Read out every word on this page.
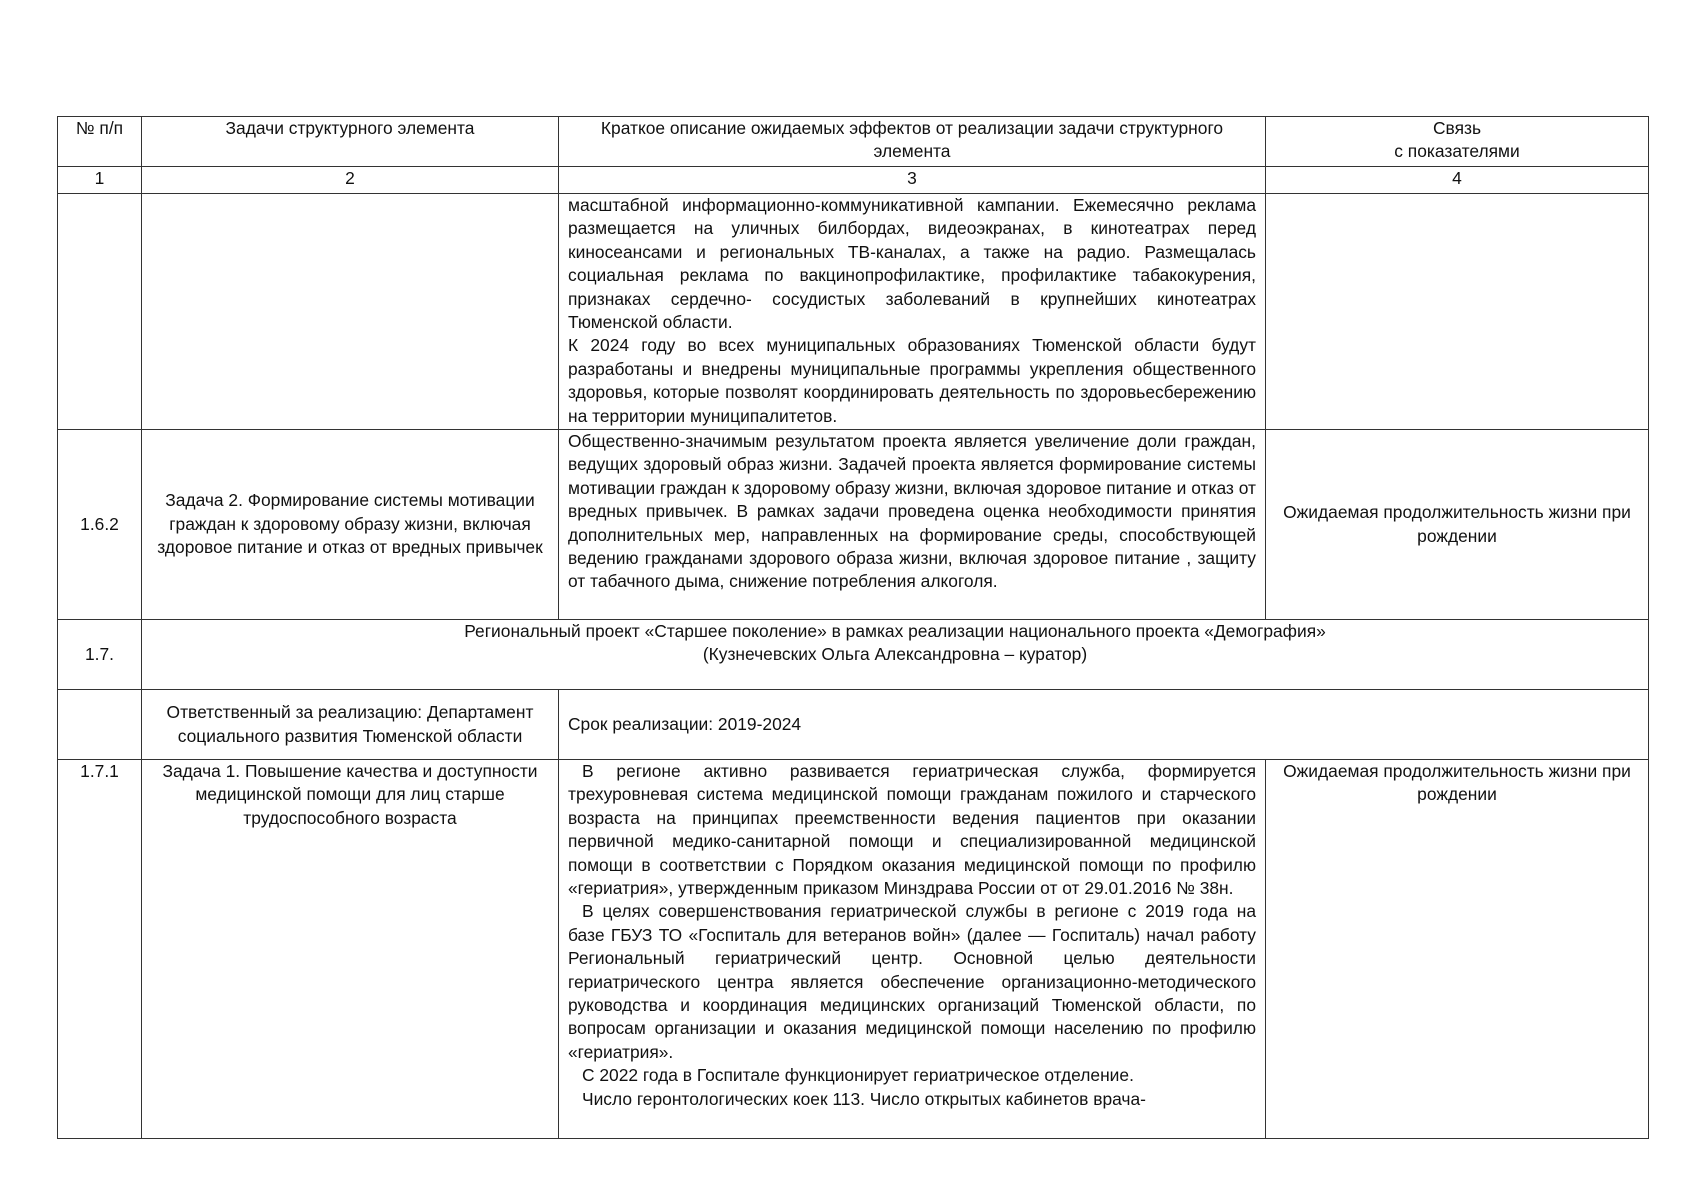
№ п/п	Задачи структурного элемента	Краткое описание ожидаемых эффектов от реализации задачи структурного элемента	Связь
с показателями
1	2	3	4

		масштабной информационно-коммуникативной кампании. Ежемесячно реклама размещается на уличных билбордах, видеоэкранах, в кинотеатрах перед киносеансами и региональных ТВ-каналах, а также на радио. Размещалась социальная реклама по вакцинопрофилактике, профилактике табакокурения, признаках сердечно- сосудистых заболеваний в крупнейших кинотеатрах Тюменской области.

К 2024 году во всех муниципальных образованиях Тюменской области будут разработаны и внедрены муниципальные программы укрепления общественного здоровья, которые позволят координировать деятельность по здоровьесбережению на территории муниципалитетов.	

1.6.2	Задача 2. Формирование системы мотивации граждан к здоровому образу жизни, включая здоровое питание и отказ от вредных привычек	Общественно-значимым результатом проекта является увеличение доли граждан, ведущих здоровый образ жизни. Задачей проекта является формирование системы мотивации граждан к здоровому образу жизни, включая здоровое питание и отказ от вредных привычек. В рамках задачи проведена оценка необходимости принятия дополнительных мер, направленных на формирование среды, способствующей ведению гражданами здорового образа жизни, включая здоровое питание , защиту от табачного дыма, снижение потребления алкоголя.	Ожидаемая продолжительность жизни при рождении
1.7.	Региональный проект «Старшее поколение» в рамках реализации национального проекта «Демография»
(Кузнечевских Ольга Александровна – куратор)		

	Ответственный за реализацию: Департамент социального развития Тюменской области	Срок реализации: 2019-2024	
1.7.1	Задача 1. Повышение качества и доступности медицинской помощи для лиц старше трудоспособного возраста	В регионе активно развивается гериатрическая служба, формируется трехуровневая система медицинской помощи гражданам пожилого и старческого возраста на принципах преемственности ведения пациентов при оказании первичной медико-санитарной помощи и специализированной медицинской помощи в соответствии с Порядком оказания медицинской помощи по профилю «гериатрия», утвержденным приказом Минздрава России от от 29.01.2016 № 38н.

В целях совершенствования гериатрической службы в регионе с 2019 года на базе ГБУЗ ТО «Госпиталь для ветеранов войн» (далее — Госпиталь) начал работу Региональный гериатрический центр. Основной целью деятельности гериатрического центра является обеспечение организационно-методического руководства и координация медицинских организаций Тюменской области, по вопросам организации и оказания медицинской помощи населению по профилю «гериатрия».

С 2022 года в Госпитале функционирует гериатрическое отделение.

Число геронтологических коек 113. Число открытых кабинетов врача-	Ожидаемая продолжительность жизни при рождении
